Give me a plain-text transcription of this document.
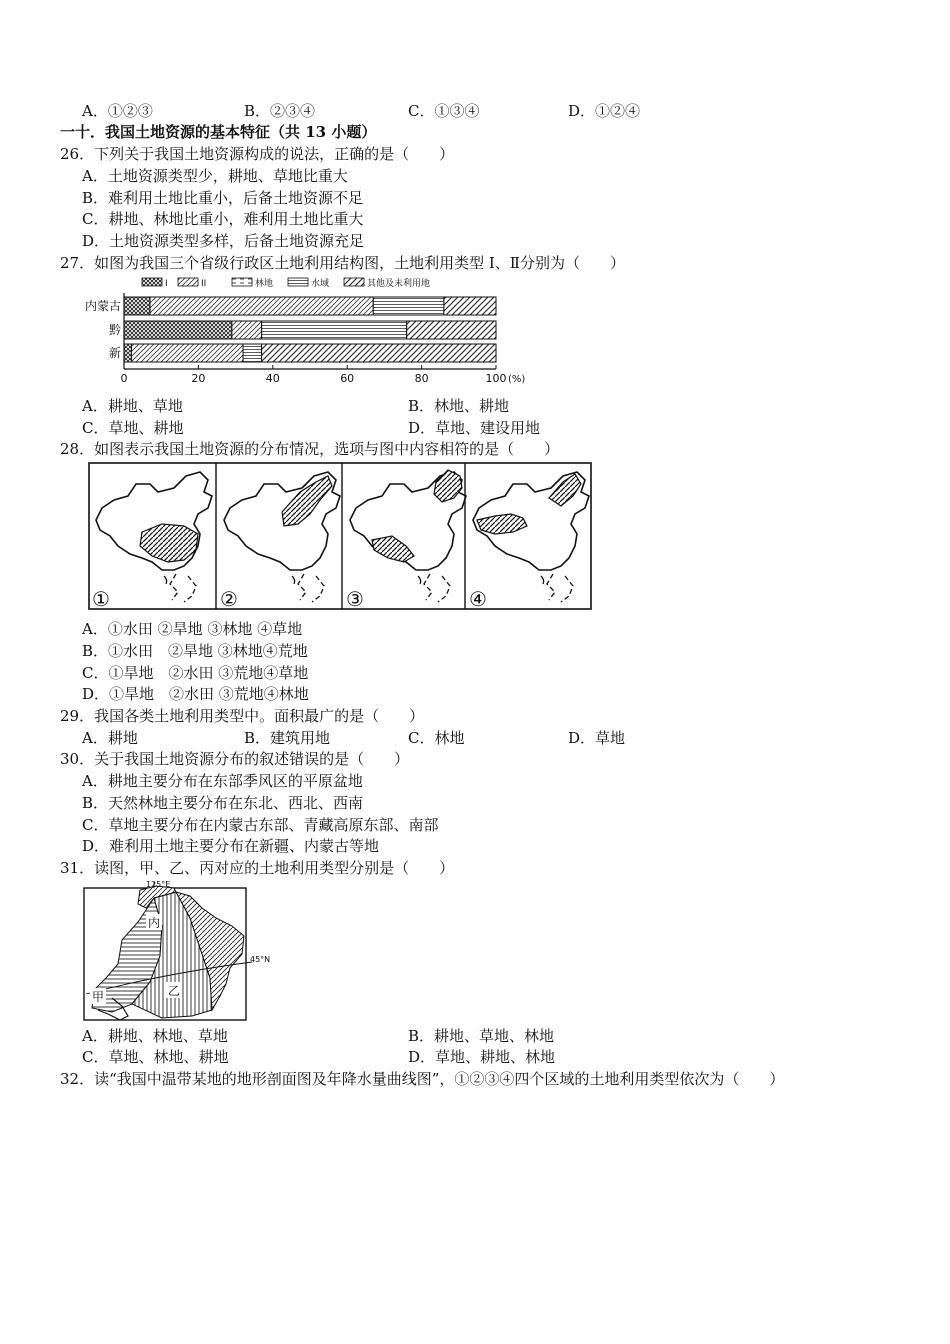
A．①②③	B．②③④	C．①③④	D．①②④
一十．我国土地资源的基本特征（共 13 小题）
26．下列关于我国土地资源构成的说法，正确的是（　　）
A．土地资源类型少，耕地、草地比重大
B．难利用土地比重小，后备土地资源不足
C．耕地、林地比重小，难利用土地比重大
D．土地资源类型多样，后备土地资源充足
27．如图为我国三个省级行政区土地利用结构图，土地利用类型 I、Ⅱ分别为（　　）
I	II	林地	水域	其他及未利用地
内蒙古
黔
新
0	20	40	60	80	100 (%)
A．耕地、草地	B．林地、耕地
C．草地、耕地	D．草地、建设用地
28．如图表示我国土地资源的分布情况，选项与图中内容相符的是（　　）
①	②	③	④
A．①水田 ②旱地 ③林地 ④草地
B．①水田　②旱地 ③林地④荒地
C．①旱地　②水田 ③荒地④草地
D．①旱地　②水田 ③荒地④林地
29．我国各类土地利用类型中。面积最广的是（　　）
A．耕地	B．建筑用地	C．林地	D．草地
30．关于我国土地资源分布的叙述错误的是（　　）
A．耕地主要分布在东部季风区的平原盆地
B．天然林地主要分布在东北、西北、西南
C．草地主要分布在内蒙古东部、青藏高原东部、南部
D．难利用土地主要分布在新疆、内蒙古等地
31．读图，甲、乙、丙对应的土地利用类型分别是（　　）
125°E
45°N
内
甲	乙
A．耕地、林地、草地	B．耕地、草地、林地
C．草地、林地、耕地	D．草地、耕地、林地
32．读“我国中温带某地的地形剖面图及年降水量曲线图”，①②③④四个区域的土地利用类型依次为（　　）
